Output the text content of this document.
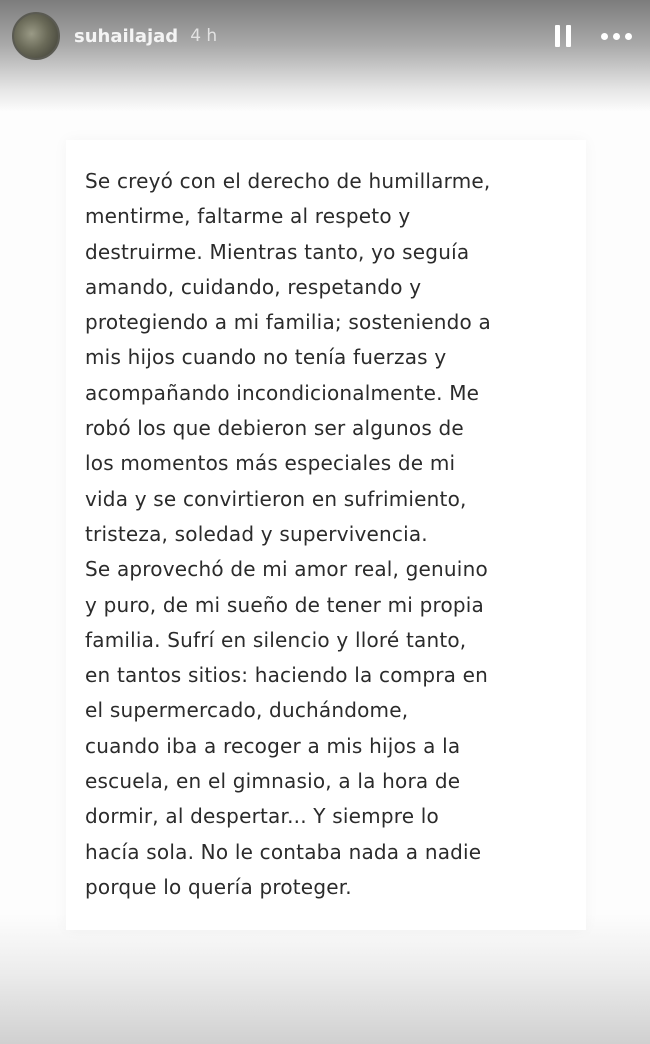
suhailajad 4 h

Se creyó con el derecho de humillarme,
mentirme, faltarme al respeto y
destruirme. Mientras tanto, yo seguía
amando, cuidando, respetando y
protegiendo a mi familia; sosteniendo a
mis hijos cuando no tenía fuerzas y
acompañando incondicionalmente. Me
robó los que debieron ser algunos de
los momentos más especiales de mi
vida y se convirtieron en sufrimiento,
tristeza, soledad y supervivencia.
Se aprovechó de mi amor real, genuino
y puro, de mi sueño de tener mi propia
familia. Sufrí en silencio y lloré tanto,
en tantos sitios: haciendo la compra en
el supermercado, duchándome,
cuando iba a recoger a mis hijos a la
escuela, en el gimnasio, a la hora de
dormir, al despertar... Y siempre lo
hacía sola. No le contaba nada a nadie
porque lo quería proteger.
